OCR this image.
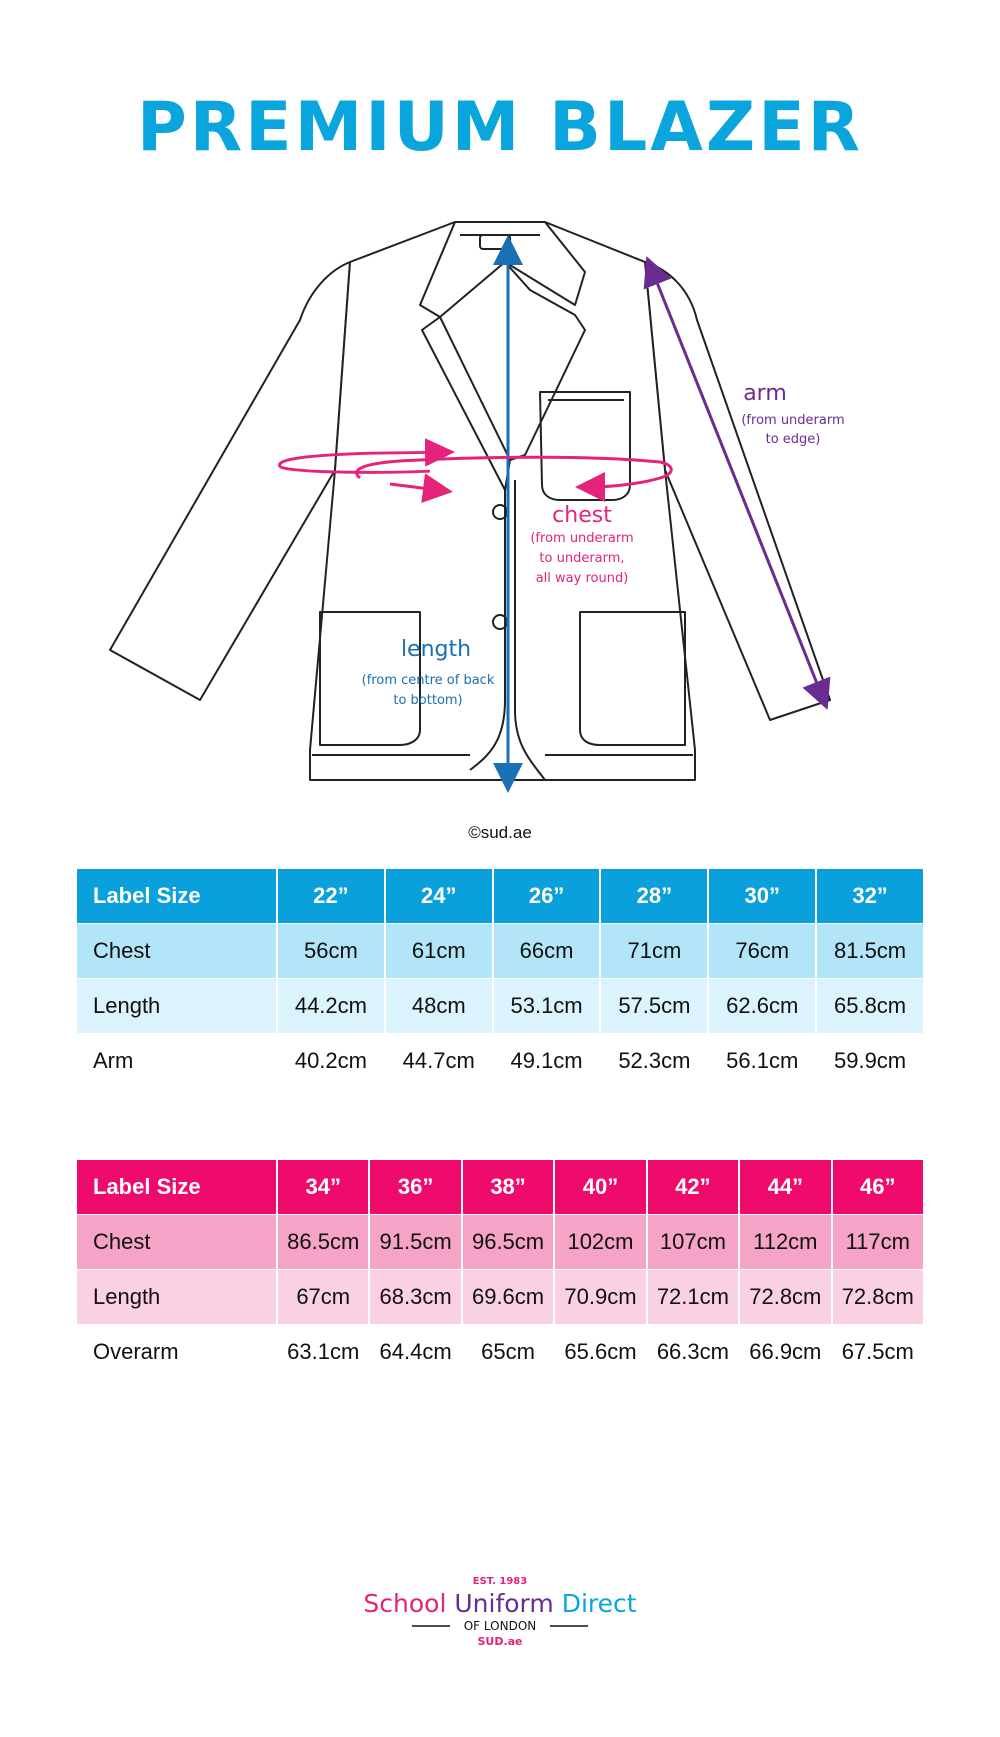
PREMIUM BLAZER
arm
(from underarm
to edge)
chest
(from underarm
to underarm,
all way round)
length
(from centre of back
to bottom)
©sud.ae
Label Size	22”	24”	26”	28”	30”	32”
Chest	56cm	61cm	66cm	71cm	76cm	81.5cm
Length	44.2cm	48cm	53.1cm	57.5cm	62.6cm	65.8cm
Arm	40.2cm	44.7cm	49.1cm	52.3cm	56.1cm	59.9cm
Label Size	34”	36”	38”	40”	42”	44”	46”
Chest	86.5cm	91.5cm	96.5cm	102cm	107cm	112cm	117cm
Length	67cm	68.3cm	69.6cm	70.9cm	72.1cm	72.8cm	72.8cm
Overarm	63.1cm	64.4cm	65cm	65.6cm	66.3cm	66.9cm	67.5cm
EST. 1983
School Uniform Direct
OF LONDON
SUD.ae
